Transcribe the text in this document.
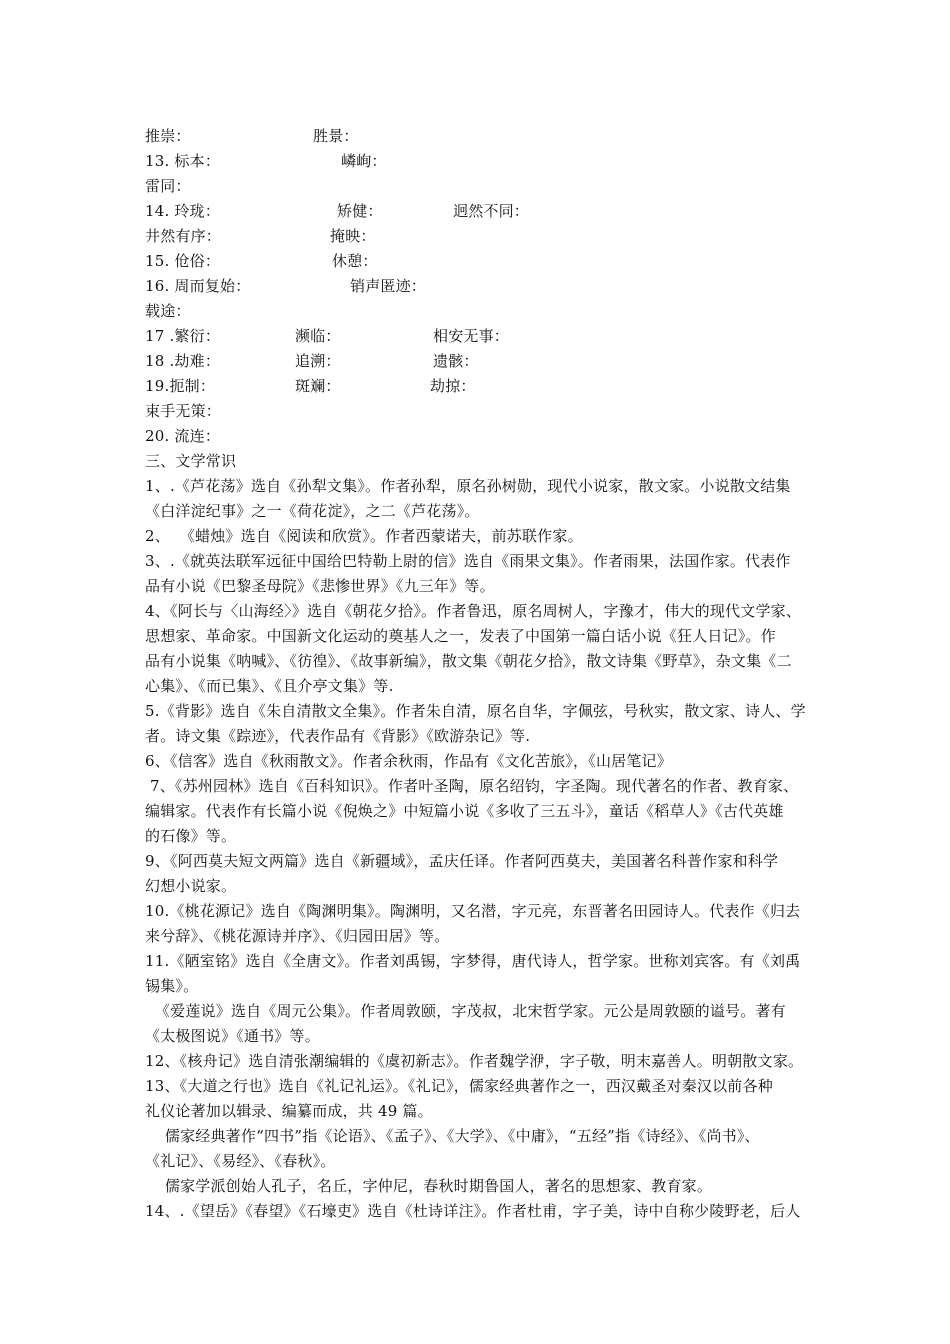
推崇：	胜景：
13. 标本：	嶙峋：
雷同：
14. 玲珑：	矫健：	迥然不同：
井然有序：	掩映：
15. 伧俗：	休憩：
16. 周而复始：	销声匿迹：
载途：
17 .繁衍：	濒临：	相安无事：
18 .劫难：	追溯：	遗骸：
19.扼制：	斑斓：	劫掠：
束手无策：
20. 流连：
三、文学常识
1、.《芦花荡》选自《孙犁文集》。作者孙犁，原名孙树勋，现代小说家，散文家。小说散文结集
《白洋淀纪事》之一《荷花淀》，之二《芦花荡》。
2、  《蜡烛》选自《阅读和欣赏》。作者西蒙诺夫，前苏联作家。
3、.《就英法联军远征中国给巴特勒上尉的信》选自《雨果文集》。作者雨果，法国作家。代表作
品有小说《巴黎圣母院》《悲惨世界》《九三年》等。
4、《阿长与〈山海经〉》选自《朝花夕拾》。作者鲁迅，原名周树人，字豫才，伟大的现代文学家、
思想家、革命家。中国新文化运动的奠基人之一，发表了中国第一篇白话小说《狂人日记》。作
品有小说集《呐喊》、《彷徨》、《故事新编》，散文集《朝花夕拾》，散文诗集《野草》，杂文集《二
心集》、《而已集》、《且介亭文集》等.
5.《背影》选自《朱自清散文全集》。作者朱自清，原名自华，字佩弦，号秋实，散文家、诗人、学
者。诗文集《踪迹》，代表作品有《背影》《欧游杂记》等.
6、《信客》选自《秋雨散文》。作者余秋雨，作品有《文化苦旅》，《山居笔记》
7、《苏州园林》选自《百科知识》。作者叶圣陶，原名绍钧，字圣陶。现代著名的作者、教育家、
编辑家。代表作有长篇小说《倪焕之》中短篇小说《多收了三五斗》，童话《稻草人》《古代英雄
的石像》等。
9、《阿西莫夫短文两篇》选自《新疆域》，孟庆任译。作者阿西莫夫，美国著名科普作家和科学
幻想小说家。
10.《桃花源记》选自《陶渊明集》。陶渊明，又名潜，字元亮，东晋著名田园诗人。代表作《归去
来兮辞》、《桃花源诗并序》、《归园田居》等。
11.《陋室铭》选自《全唐文》。作者刘禹锡，字梦得，唐代诗人，哲学家。世称刘宾客。有《刘禹
锡集》。
《爱莲说》选自《周元公集》。作者周敦颐，字茂叔，北宋哲学家。元公是周敦颐的谥号。著有
《太极图说》《通书》等。
12、《核舟记》选自清张潮编辑的《虞初新志》。作者魏学洢，字子敬，明末嘉善人。明朝散文家。
13、《大道之行也》选自《礼记礼运》。《礼记》，儒家经典著作之一，西汉戴圣对秦汉以前各种
礼仪论著加以辑录、编纂而成，共 49 篇。
儒家经典著作“四书”指《论语》、《孟子》、《大学》、《中庸》，“五经”指《诗经》、《尚书》、
《礼记》、《易经》、《春秋》。
儒家学派创始人孔子，名丘，字仲尼，春秋时期鲁国人，著名的思想家、教育家。
14、.《望岳》《春望》《石壕吏》选自《杜诗详注》。作者杜甫，字子美，诗中自称少陵野老，后人
